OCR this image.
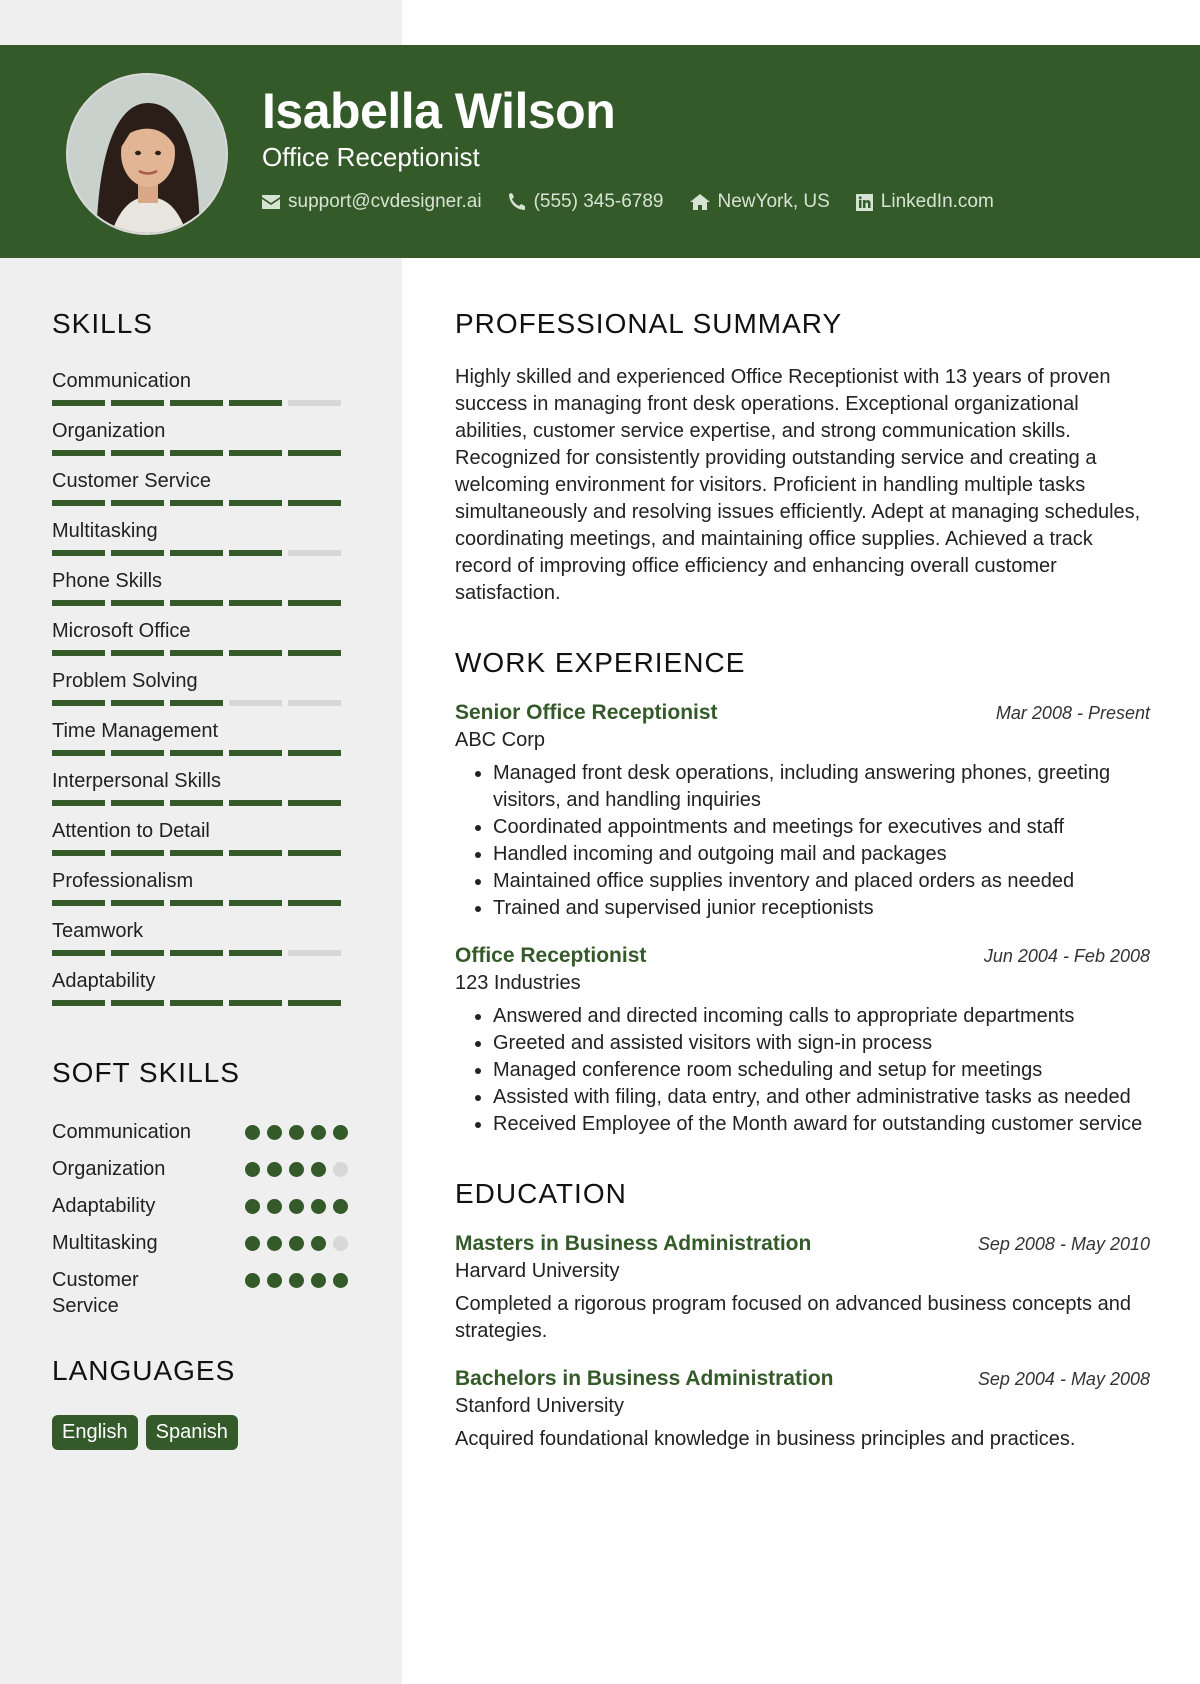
Isabella Wilson
Office Receptionist
support@cvdesigner.ai	(555) 345-6789	NewYork, US	LinkedIn.com
SKILLS
Communication
Organization
Customer Service
Multitasking
Phone Skills
Microsoft Office
Problem Solving
Time Management
Interpersonal Skills
Attention to Detail
Professionalism
Teamwork
Adaptability
SOFT SKILLS
Communication
Organization
Adaptability
Multitasking
Customer Service
LANGUAGES
English	Spanish
PROFESSIONAL SUMMARY

Highly skilled and experienced Office Receptionist with 13 years of proven success in managing front desk operations. Exceptional organizational abilities, customer service expertise, and strong communication skills. Recognized for consistently providing outstanding service and creating a welcoming environment for visitors. Proficient in handling multiple tasks simultaneously and resolving issues efficiently. Adept at managing schedules, coordinating meetings, and maintaining office supplies. Achieved a track record of improving office efficiency and enhancing overall customer satisfaction.

WORK EXPERIENCE
Senior Office Receptionist	Mar 2008 - Present
ABC Corp
• Managed front desk operations, including answering phones, greeting visitors, and handling inquiries
• Coordinated appointments and meetings for executives and staff
• Handled incoming and outgoing mail and packages
• Maintained office supplies inventory and placed orders as needed
• Trained and supervised junior receptionists
Office Receptionist	Jun 2004 - Feb 2008
123 Industries
• Answered and directed incoming calls to appropriate departments
• Greeted and assisted visitors with sign-in process
• Managed conference room scheduling and setup for meetings
• Assisted with filing, data entry, and other administrative tasks as needed
• Received Employee of the Month award for outstanding customer service
EDUCATION
Masters in Business Administration	Sep 2008 - May 2010
Harvard University
Completed a rigorous program focused on advanced business concepts and strategies.
Bachelors in Business Administration	Sep 2004 - May 2008
Stanford University
Acquired foundational knowledge in business principles and practices.
